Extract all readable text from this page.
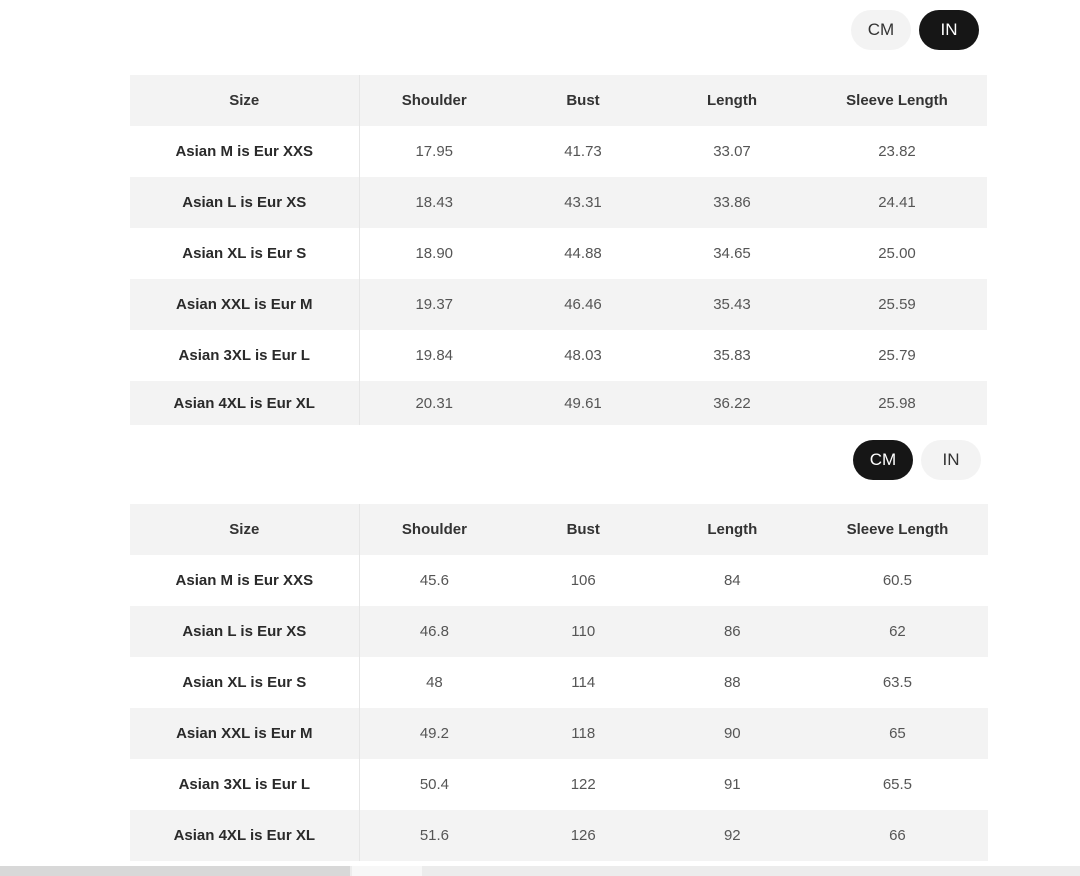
CM	IN
Size	Shoulder	Bust	Length	Sleeve Length
Asian M is Eur XXS	17.95	41.73	33.07	23.82
Asian L is Eur XS	18.43	43.31	33.86	24.41
Asian XL is Eur S	18.90	44.88	34.65	25.00
Asian XXL is Eur M	19.37	46.46	35.43	25.59
Asian 3XL is Eur L	19.84	48.03	35.83	25.79
Asian 4XL is Eur XL	20.31	49.61	36.22	25.98
CM	IN
Size	Shoulder	Bust	Length	Sleeve Length
Asian M is Eur XXS	45.6	106	84	60.5
Asian L is Eur XS	46.8	110	86	62
Asian XL is Eur S	48	114	88	63.5
Asian XXL is Eur M	49.2	118	90	65
Asian 3XL is Eur L	50.4	122	91	65.5
Asian 4XL is Eur XL	51.6	126	92	66
